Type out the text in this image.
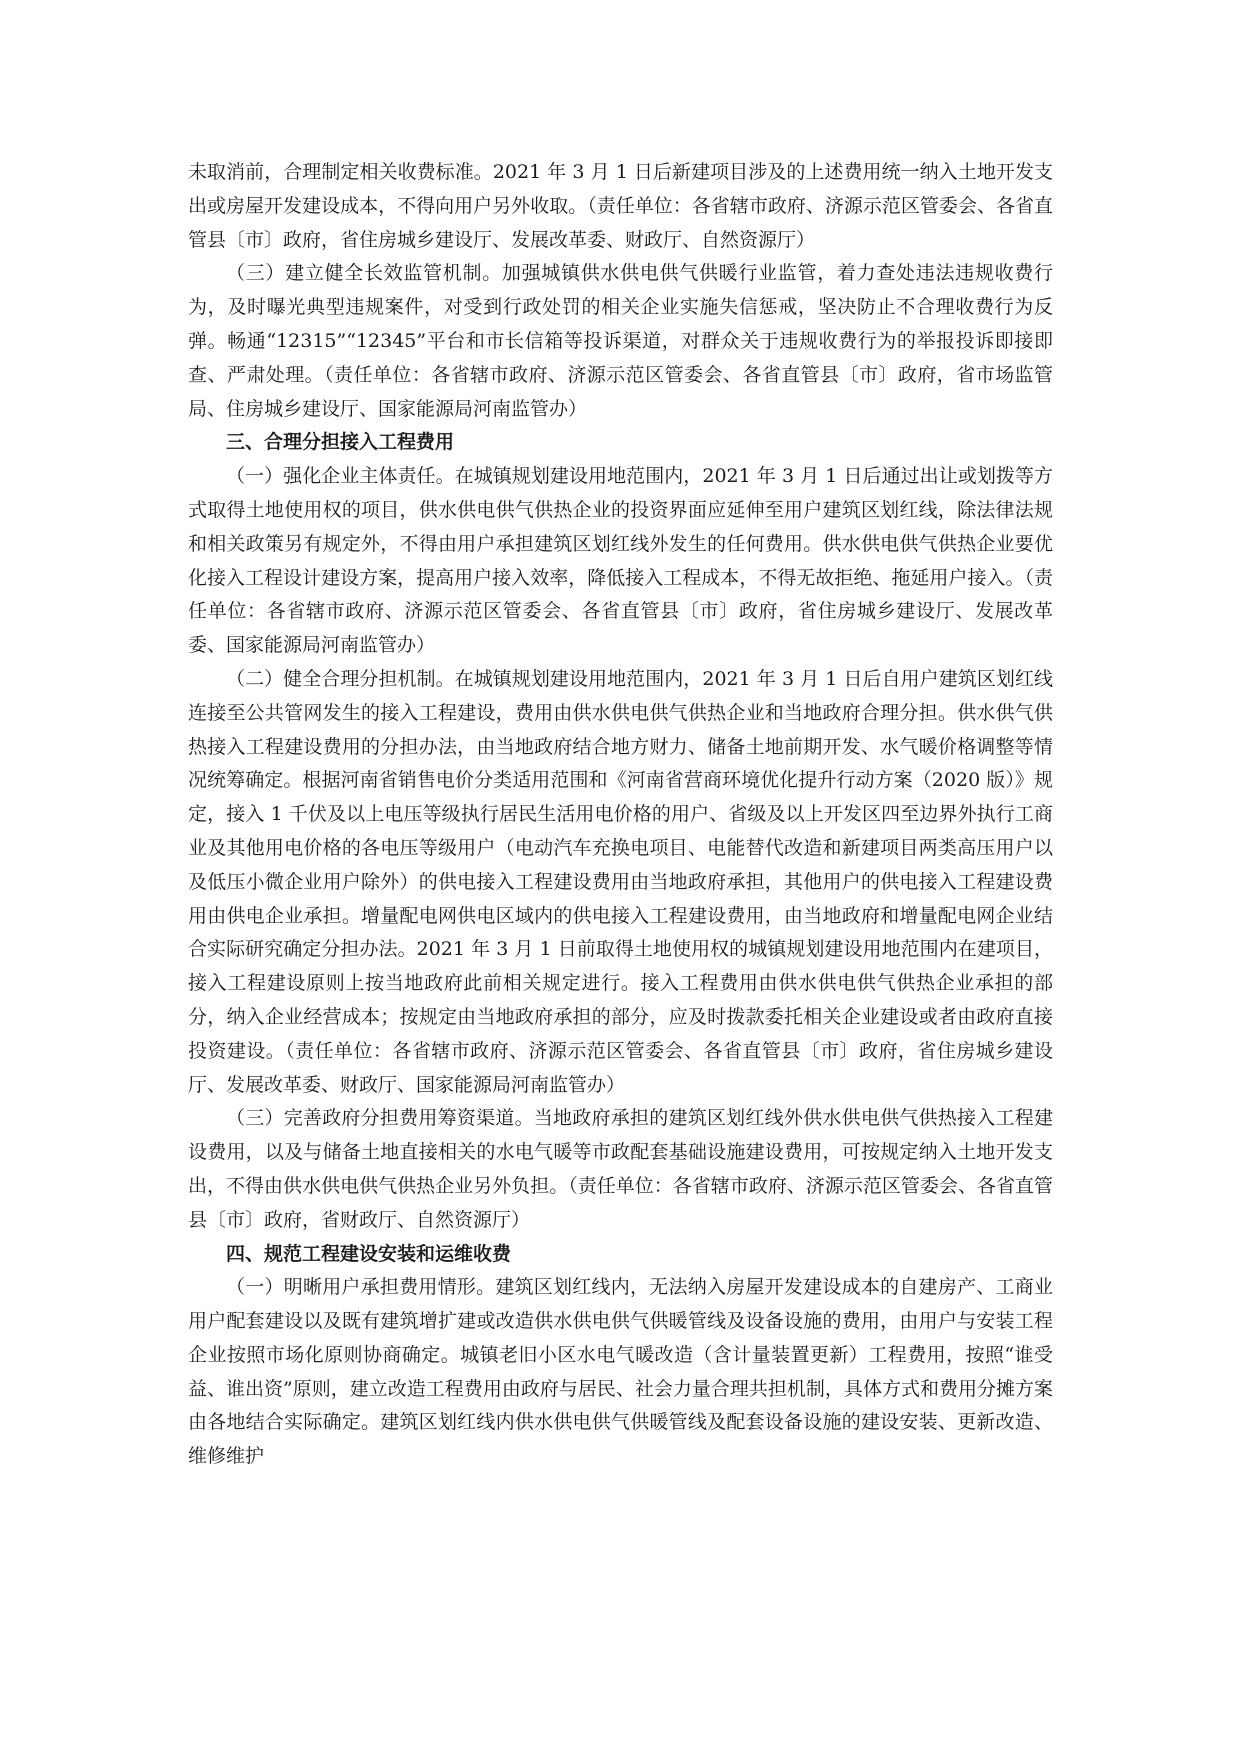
未取消前，合理制定相关收费标准。2021 年 3 月 1 日后新建项目涉及的上述费用统一纳入土地开发支出或房屋开发建设成本，不得向用户另外收取。（责任单位：各省辖市政府、济源示范区管委会、各省直管县〔市〕政府，省住房城乡建设厅、发展改革委、财政厅、自然资源厅）

（三）建立健全长效监管机制。加强城镇供水供电供气供暖行业监管，着力查处违法违规收费行为，及时曝光典型违规案件，对受到行政处罚的相关企业实施失信惩戒，坚决防止不合理收费行为反弹。畅通“12315”“12345”平台和市长信箱等投诉渠道，对群众关于违规收费行为的举报投诉即接即查、严肃处理。（责任单位：各省辖市政府、济源示范区管委会、各省直管县〔市〕政府，省市场监管局、住房城乡建设厅、国家能源局河南监管办）

三、合理分担接入工程费用

（一）强化企业主体责任。在城镇规划建设用地范围内，2021 年 3 月 1 日后通过出让或划拨等方式取得土地使用权的项目，供水供电供气供热企业的投资界面应延伸至用户建筑区划红线，除法律法规和相关政策另有规定外，不得由用户承担建筑区划红线外发生的任何费用。供水供电供气供热企业要优化接入工程设计建设方案，提高用户接入效率，降低接入工程成本，不得无故拒绝、拖延用户接入。（责任单位：各省辖市政府、济源示范区管委会、各省直管县〔市〕政府，省住房城乡建设厅、发展改革委、国家能源局河南监管办）

（二）健全合理分担机制。在城镇规划建设用地范围内，2021 年 3 月 1 日后自用户建筑区划红线连接至公共管网发生的接入工程建设，费用由供水供电供气供热企业和当地政府合理分担。供水供气供热接入工程建设费用的分担办法，由当地政府结合地方财力、储备土地前期开发、水气暖价格调整等情况统筹确定。根据河南省销售电价分类适用范围和《河南省营商环境优化提升行动方案（2020 版）》规定，接入 1 千伏及以上电压等级执行居民生活用电价格的用户、省级及以上开发区四至边界外执行工商业及其他用电价格的各电压等级用户（电动汽车充换电项目、电能替代改造和新建项目两类高压用户以及低压小微企业用户除外）的供电接入工程建设费用由当地政府承担，其他用户的供电接入工程建设费用由供电企业承担。增量配电网供电区域内的供电接入工程建设费用，由当地政府和增量配电网企业结合实际研究确定分担办法。2021 年 3 月 1 日前取得土地使用权的城镇规划建设用地范围内在建项目，接入工程建设原则上按当地政府此前相关规定进行。接入工程费用由供水供电供气供热企业承担的部分，纳入企业经营成本；按规定由当地政府承担的部分，应及时拨款委托相关企业建设或者由政府直接投资建设。（责任单位：各省辖市政府、济源示范区管委会、各省直管县〔市〕政府，省住房城乡建设厅、发展改革委、财政厅、国家能源局河南监管办）

（三）完善政府分担费用筹资渠道。当地政府承担的建筑区划红线外供水供电供气供热接入工程建设费用，以及与储备土地直接相关的水电气暖等市政配套基础设施建设费用，可按规定纳入土地开发支出，不得由供水供电供气供热企业另外负担。（责任单位：各省辖市政府、济源示范区管委会、各省直管县〔市〕政府，省财政厅、自然资源厅）

四、规范工程建设安装和运维收费

（一）明晰用户承担费用情形。建筑区划红线内，无法纳入房屋开发建设成本的自建房产、工商业用户配套建设以及既有建筑增扩建或改造供水供电供气供暖管线及设备设施的费用，由用户与安装工程企业按照市场化原则协商确定。城镇老旧小区水电气暖改造（含计量装置更新）工程费用，按照“谁受益、谁出资”原则，建立改造工程费用由政府与居民、社会力量合理共担机制，具体方式和费用分摊方案由各地结合实际确定。建筑区划红线内供水供电供气供暖管线及配套设备设施的建设安装、更新改造、维修维护
